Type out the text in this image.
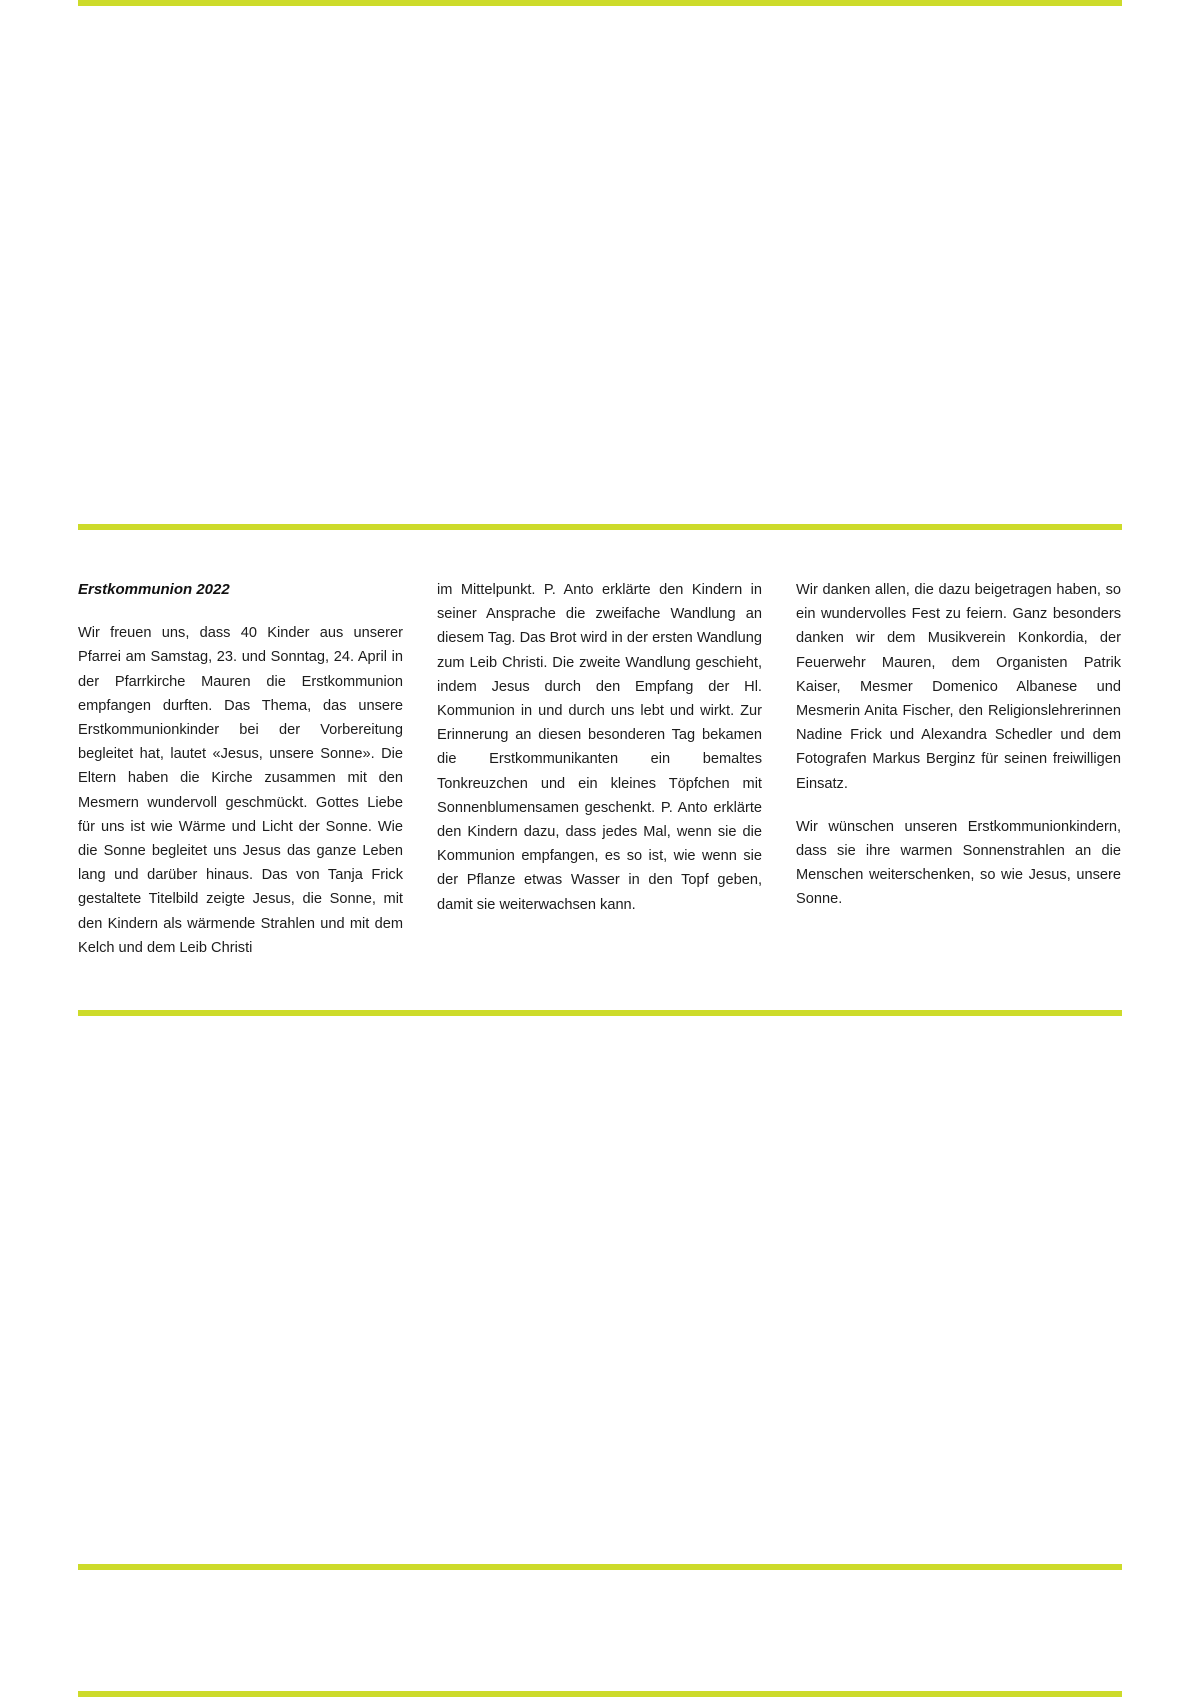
Erstkommunion 2022

Wir freuen uns, dass 40 Kinder aus unserer Pfarrei am Samstag, 23. und Sonntag, 24. April in der Pfarrkirche Mauren die Erstkommunion empfangen durften. Das Thema, das unsere Erstkommunionkinder bei der Vorbereitung begleitet hat, lautet «Jesus, unsere Sonne». Die Eltern haben die Kirche zusammen mit den Mesmern wundervoll geschmückt. Gottes Liebe für uns ist wie Wärme und Licht der Sonne. Wie die Sonne begleitet uns Jesus das ganze Leben lang und darüber hinaus. Das von Tanja Frick gestaltete Titelbild zeigte Jesus, die Sonne, mit den Kindern als wärmende Strahlen und mit dem Kelch und dem Leib Christi

im Mittelpunkt. P. Anto erklärte den Kindern in seiner Ansprache die zweifache Wandlung an diesem Tag. Das Brot wird in der ersten Wandlung zum Leib Christi. Die zweite Wandlung geschieht, indem Jesus durch den Empfang der Hl. Kommunion in und durch uns lebt und wirkt. Zur Erinnerung an diesen besonderen Tag bekamen die Erstkommunikanten ein bemaltes Tonkreuzchen und ein kleines Töpfchen mit Sonnenblumensamen geschenkt. P. Anto erklärte den Kindern dazu, dass jedes Mal, wenn sie die Kommunion empfangen, es so ist, wie wenn sie der Pflanze etwas Wasser in den Topf geben, damit sie weiterwachsen kann.

Wir danken allen, die dazu beigetragen haben, so ein wundervolles Fest zu feiern. Ganz besonders danken wir dem Musikverein Konkordia, der Feuerwehr Mauren, dem Organisten Patrik Kaiser, Mesmer Domenico Albanese und Mesmerin Anita Fischer, den Religionslehrerinnen Nadine Frick und Alexandra Schedler und dem Fotografen Markus Berginz für seinen freiwilligen Einsatz.

Wir wünschen unseren Erstkommunionkindern, dass sie ihre warmen Sonnenstrahlen an die Menschen weiterschenken, so wie Jesus, unsere Sonne.
